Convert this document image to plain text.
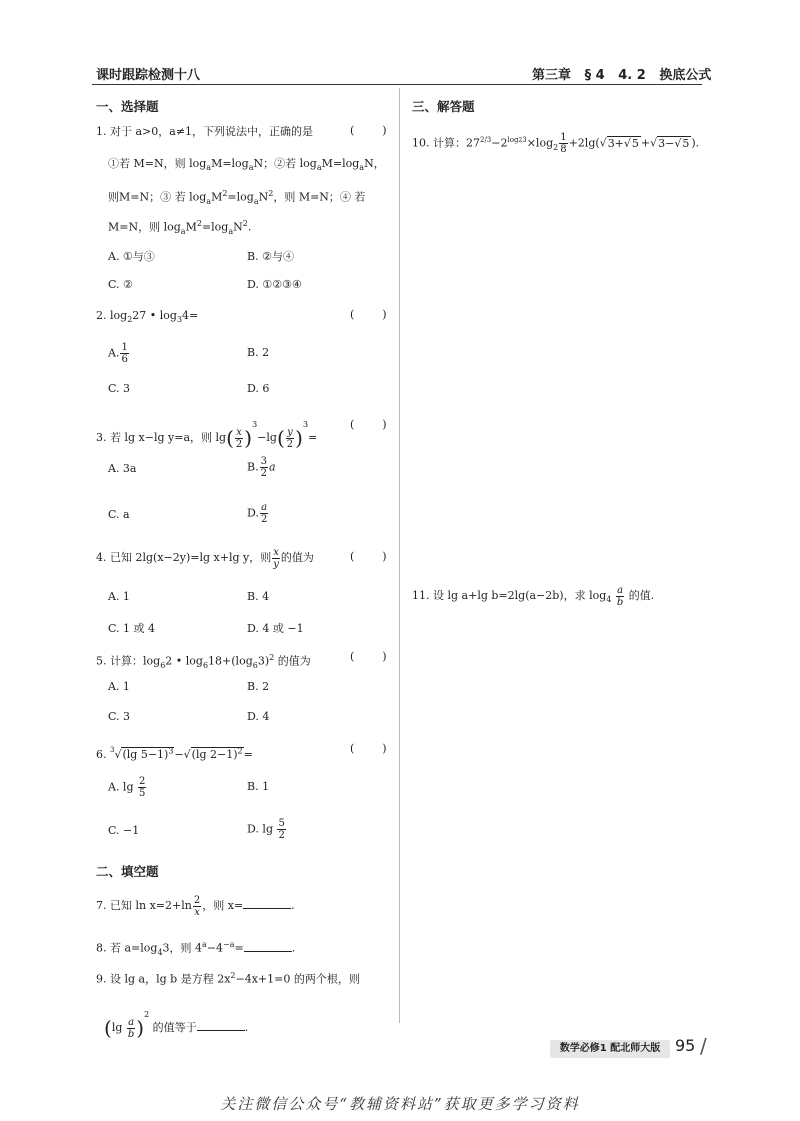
课时跟踪检测十八	第三章 § 4 4. 2 换底公式
一、选择题
1. 对于 a>0，a≠1，下列说法中，正确的是	(        )
①若 M=N，则 $\log_aM=\log_aN$；②若 $\log_aM=\log_aN$，
则M=N；③ 若 $\log_aM^2=\log_aN^2$，则 M=N；④ 若
M=N，则 $\log_aM^2=\log_aN^2$.
A. ①与③	B. ②与④
C. ②	D. ①②③④
2. $\log_227$ • $\log_34=$	(        )
A. $\frac{1}{6}$	B. 2
C. 3	D. 6
3. 若 lg x−lg y=a，则 $\lg( \frac{x}{2} )^3-\lg( \frac{y}{2} )^3=$
(        )
A. 3a	B. $\frac{3}{2}$ a
C. a	D. $\frac{a}{2}$
4. 已知 2lg(x−2y)=lg x+lg y，则 $\frac{x}{y}$ 的值为	(        )
A. 1	B. 4
C. 1 或 4	D. 4 或 −1
5. 计算：$\log_62$ • $\log_618+(\log_63)^2$ 的值为	(        )
A. 1	B. 2
C. 3	D. 4
6. $^3$√(lg 5−1)$^3$−√(lg 2−1)$^2$=	(        )
A. $\lg \frac{2}{5}$	B. 1
C. −1	D. $\lg \frac{5}{2}$
二、填空题
7. 已知 $\ln x=2+\ln \frac{2}{x}$ ，则 x=	.
8. 若 $a=\log_43$，则 $4^a-4^{-a}=$	.
9. 设 lg a，lg b 是方程 $2x^2-4x+1=0$ 的两个根，则
$(\lg \frac{a}{b} )^2$ 的值等于	.
三、解答题
10. 计算：$27^{2/3}-2^{log23}\times\log_2 \frac{1}{8} +2\lg(√3+√5 +√3-√5$ ).
11. 设 lg a+lg b=2lg(a−2b)，求 $\log_4 \frac{a}{b}$ 的值.
数学必修1 配北师大版 95 /
关注微信公众号“教辅资料站”获取更多学习资料
